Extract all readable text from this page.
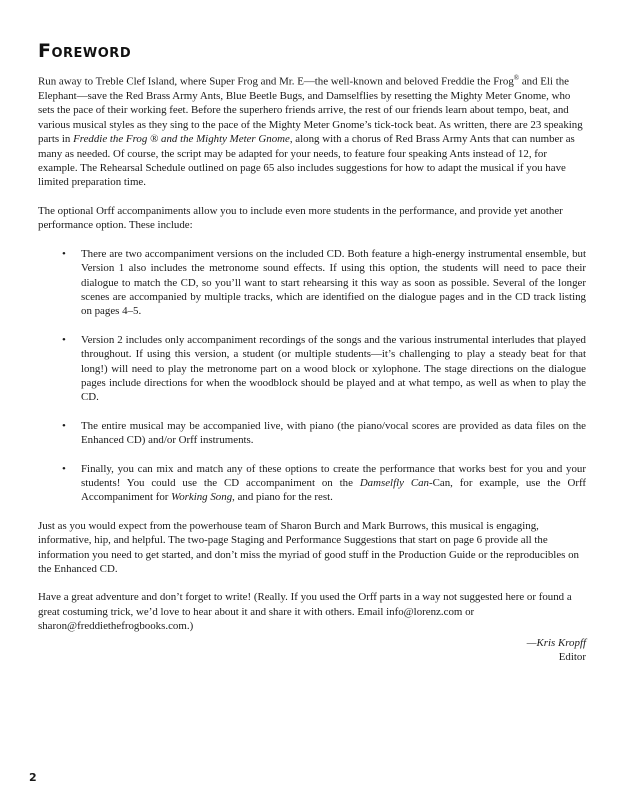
Foreword

Run away to Treble Clef Island, where Super Frog and Mr. E—the well-known and beloved Freddie the Frog® and Eli the Elephant—save the Red Brass Army Ants, Blue Beetle Bugs, and Damselflies by resetting the Mighty Meter Gnome, who sets the pace of their working feet. Before the superhero friends arrive, the rest of our friends learn about tempo, beat, and various musical styles as they sing to the pace of the Mighty Meter Gnome’s tick-tock beat. As written, there are 23 speaking parts in Freddie the Frog ® and the Mighty Meter Gnome, along with a chorus of Red Brass Army Ants that can number as many as needed. Of course, the script may be adapted for your needs, to feature four speaking Ants instead of 12, for example. The Rehearsal Schedule outlined on page 65 also includes suggestions for how to adapt the musical if you have limited preparation time.

The optional Orff accompaniments allow you to include even more students in the performance, and provide yet another performance option. These include:

• There are two accompaniment versions on the included CD. Both feature a high-energy instrumental ensemble, but Version 1 also includes the metronome sound effects. If using this option, the students will need to pace their dialogue to match the CD, so you’ll want to start rehearsing it this way as soon as possible. Several of the longer scenes are accompanied by multiple tracks, which are identified on the dialogue pages and in the CD track listing on pages 4–5.
• Version 2 includes only accompaniment recordings of the songs and the various instrumental interludes that played throughout. If using this version, a student (or multiple students—it’s challenging to play a steady beat for that long!) will need to play the metronome part on a wood block or xylophone. The stage directions on the dialogue pages include directions for when the woodblock should be played and at what tempo, as well as when to play the CD.
• The entire musical may be accompanied live, with piano (the piano/vocal scores are provided as data files on the Enhanced CD) and/or Orff instruments.
• Finally, you can mix and match any of these options to create the performance that works best for you and your students! You could use the CD accompaniment on the Damselfly Can-Can, for example, use the Orff Accompaniment for Working Song, and piano for the rest.

Just as you would expect from the powerhouse team of Sharon Burch and Mark Burrows, this musical is engaging, informative, hip, and helpful. The two-page Staging and Performance Suggestions that start on page 6 provide all the information you need to get started, and don’t miss the myriad of good stuff in the Production Guide or the reproducibles on the Enhanced CD.

Have a great adventure and don’t forget to write! (Really. If you used the Orff parts in a way not suggested here or found a great costuming trick, we’d love to hear about it and share it with others. Email info@lorenz.com or sharon@freddiethefrogbooks.com.)

—Kris Kropff

Editor

2
